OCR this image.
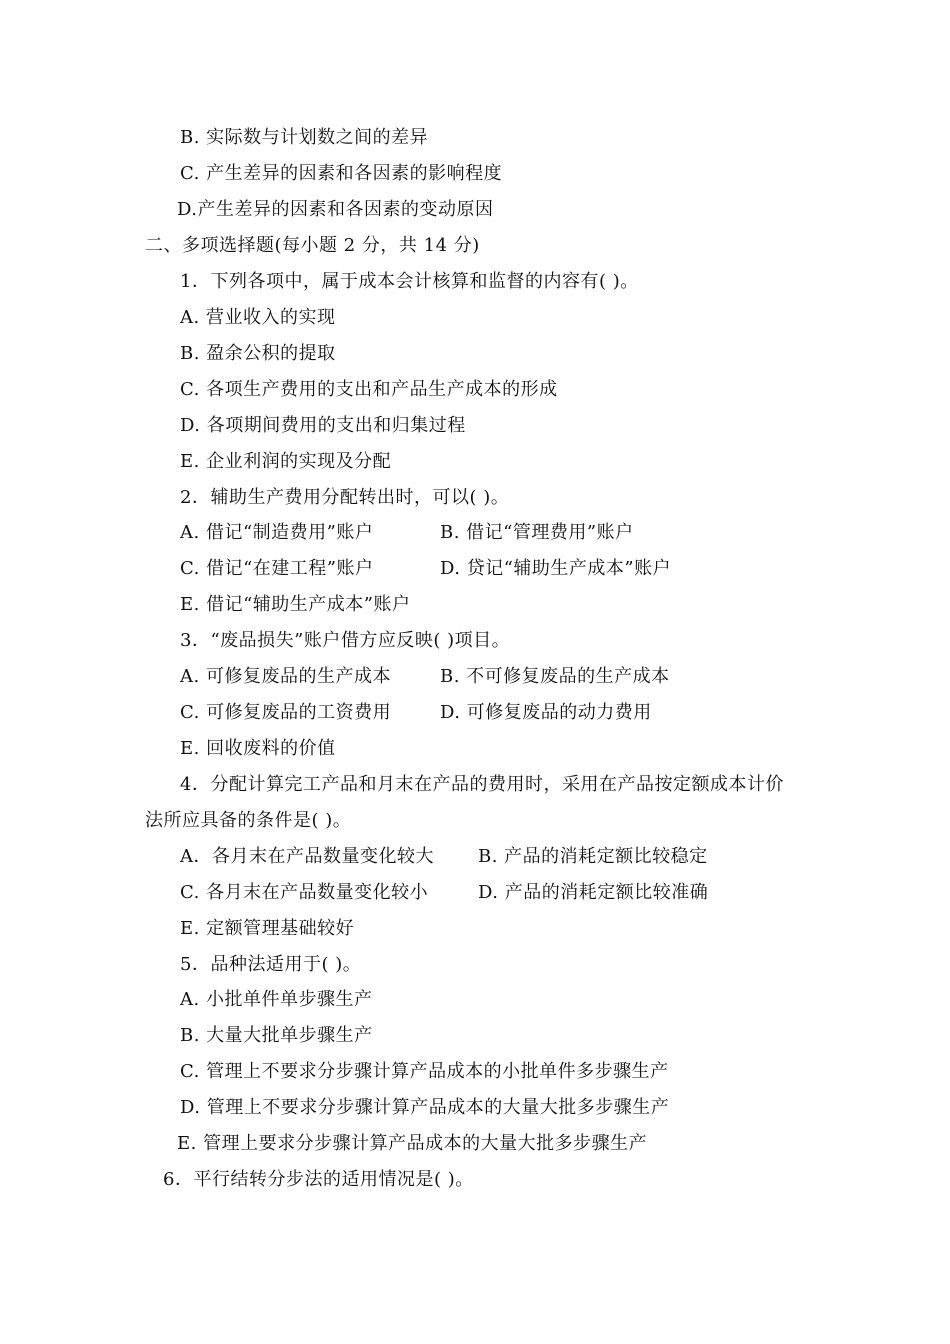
B. 实际数与计划数之间的差异
C. 产生差异的因素和各因素的影响程度
D.产生差异的因素和各因素的变动原因
二、多项选择题(每小题 2 分，共 14 分)
1．下列各项中，属于成本会计核算和监督的内容有( )。
A. 营业收入的实现
B. 盈余公积的提取
C. 各项生产费用的支出和产品生产成本的形成
D. 各项期间费用的支出和归集过程
E. 企业利润的实现及分配
2．辅助生产费用分配转出时，可以( )。
A. 借记“制造费用”账户	B. 借记“管理费用”账户
C. 借记“在建工程”账户	D. 贷记“辅助生产成本”账户
E. 借记“辅助生产成本”账户
3．“废品损失”账户借方应反映( )项目。
A. 可修复废品的生产成本	B. 不可修复废品的生产成本
C. 可修复废品的工资费用	D. 可修复废品的动力费用
E. 回收废料的价值
4．分配计算完工产品和月末在产品的费用时，采用在产品按定额成本计价
法所应具备的条件是( )。
A．各月末在产品数量变化较大 B. 产品的消耗定额比较稳定
C. 各月末在产品数量变化较小	D. 产品的消耗定额比较准确
E. 定额管理基础较好
5．品种法适用于( )。
A. 小批单件单步骤生产
B. 大量大批单步骤生产
C. 管理上不要求分步骤计算产品成本的小批单件多步骤生产
D. 管理上不要求分步骤计算产品成本的大量大批多步骤生产
E. 管理上要求分步骤计算产品成本的大量大批多步骤生产
6．平行结转分步法的适用情况是( )。
